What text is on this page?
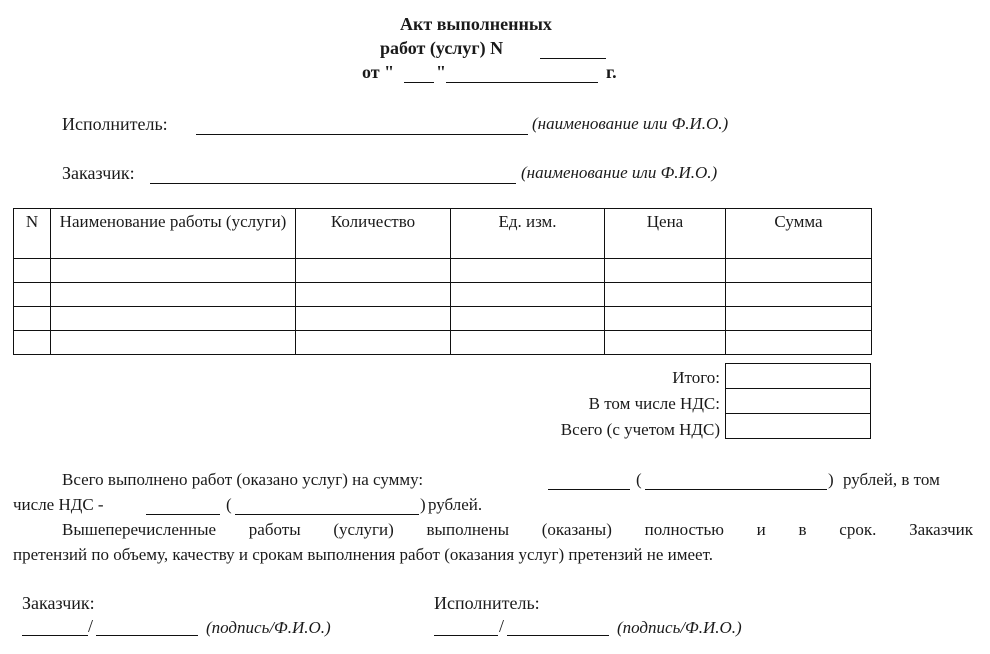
Акт выполненных
работ (услуг) N
от " "	г.
Исполнитель:	(наименование или Ф.И.О.)
Заказчик:	(наименование или Ф.И.О.)
N	Наименование работы (услуги)	Количество	Ед. изм.	Цена	Сумма

Итого:
В том числе НДС:
Всего (с учетом НДС)

Всего выполнено работ (оказано услуг) на сумму:	(	) рублей, в том
числе НДС -	(	) рублей.
Вышеперечисленные работы (услуги) выполнены (оказаны) полностью и в срок. Заказчик
претензий по объему, качеству и срокам выполнения работ (оказания услуг) претензий не имеет.
Заказчик:
/	(подпись/Ф.И.О.)
Исполнитель:
/	(подпись/Ф.И.О.)
